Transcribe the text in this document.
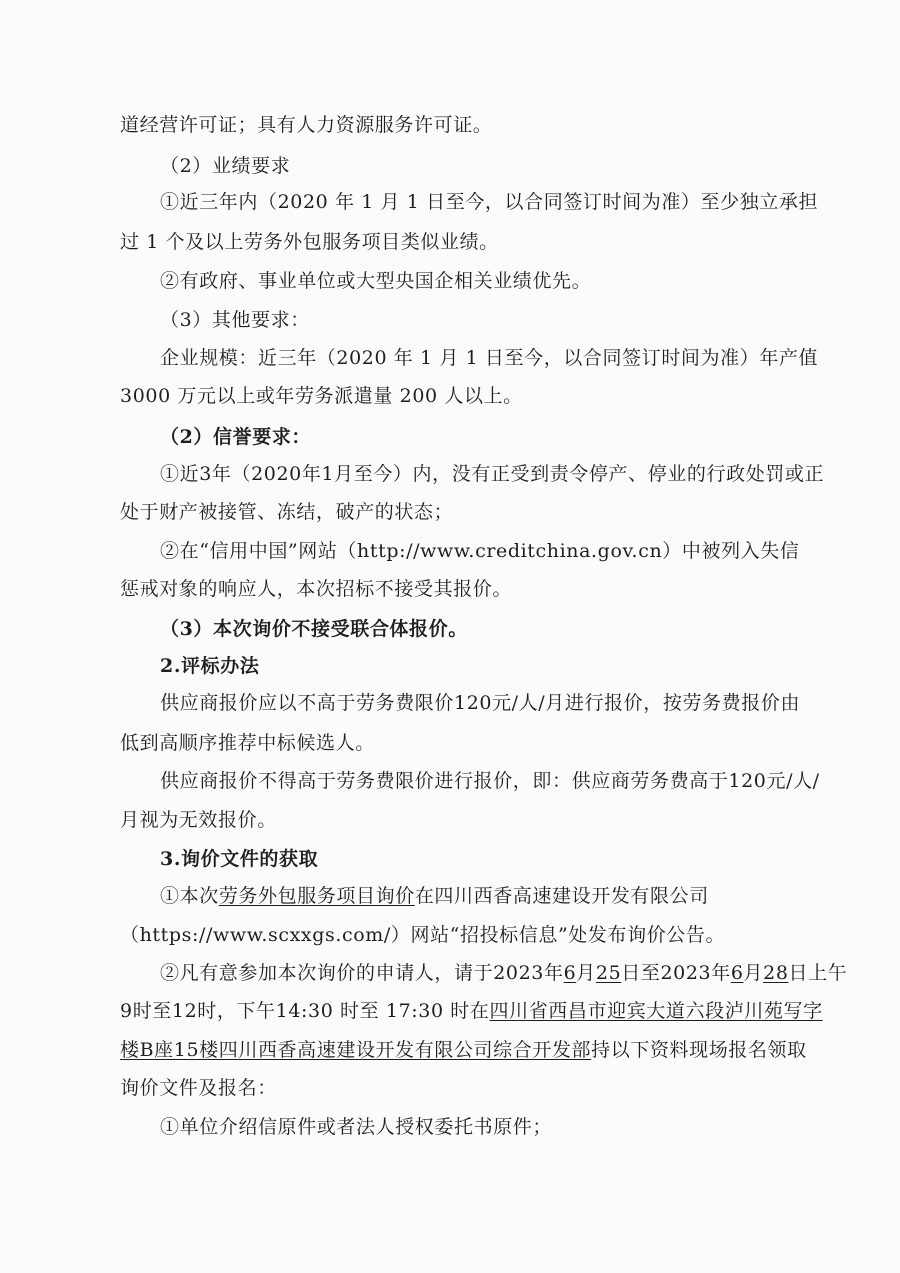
道经营许可证；具有人力资源服务许可证。
（2）业绩要求
①近三年内（2020 年 1 月 1 日至今，以合同签订时间为准）至少独立承担
过 1 个及以上劳务外包服务项目类似业绩。
②有政府、事业单位或大型央国企相关业绩优先。
（3）其他要求：
企业规模：近三年（2020 年 1 月 1 日至今，以合同签订时间为准）年产值
3000 万元以上或年劳务派遣量 200 人以上。
（2）信誉要求：
①近3年（2020年1月至今）内，没有正受到责令停产、停业的行政处罚或正
处于财产被接管、冻结，破产的状态；
②在“信用中国”网站（http://www.creditchina.gov.cn）中被列入失信
惩戒对象的响应人，本次招标不接受其报价。
（3）本次询价不接受联合体报价。
2.评标办法
供应商报价应以不高于劳务费限价120元/人/月进行报价，按劳务费报价由
低到高顺序推荐中标候选人。
供应商报价不得高于劳务费限价进行报价，即：供应商劳务费高于120元/人/
月视为无效报价。
3.询价文件的获取
①本次劳务外包服务项目询价在四川西香高速建设开发有限公司
（https://www.scxxgs.com/）网站“招投标信息”处发布询价公告。
②凡有意参加本次询价的申请人，请于2023年6月25日至2023年6月28日上午
9时至12时，下午14:30 时至 17:30 时在四川省西昌市迎宾大道六段泸川苑写字
楼B座15楼四川西香高速建设开发有限公司综合开发部持以下资料现场报名领取
询价文件及报名：
①单位介绍信原件或者法人授权委托书原件；
